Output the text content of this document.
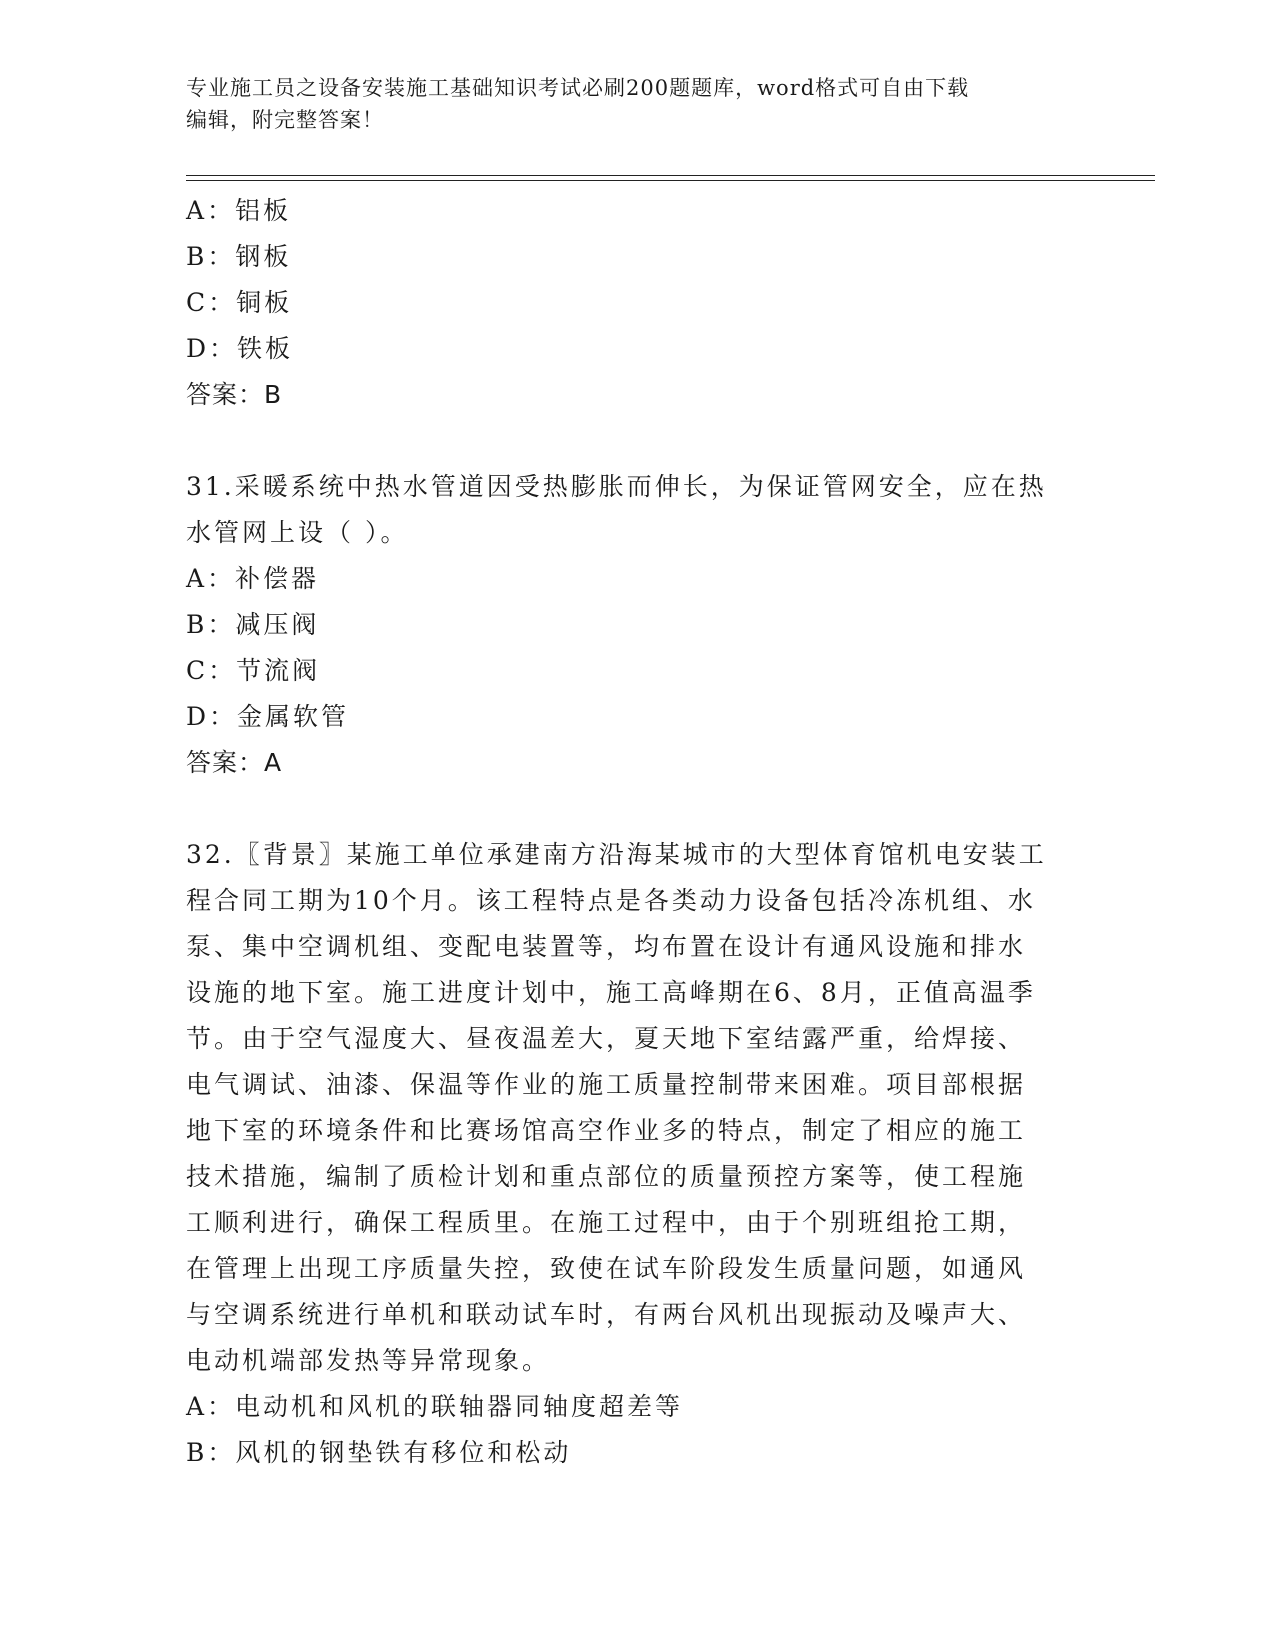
专业施工员之设备安装施工基础知识考试必刷200题题库，word格式可自由下载
编辑，附完整答案！
A：铝板
B：钢板
C：铜板
D：铁板
答案：B
31.采暖系统中热水管道因受热膨胀而伸长，为保证管网安全，应在热
水管网上设（ ）。
A：补偿器
B：减压阀
C：节流阀
D：金属软管
答案：A
32.〖背景〗某施工单位承建南方沿海某城市的大型体育馆机电安装工
程合同工期为10个月。该工程特点是各类动力设备包括冷冻机组、水
泵、集中空调机组、变配电装置等，均布置在设计有通风设施和排水
设施的地下室。施工进度计划中，施工高峰期在6、8月，正值高温季
节。由于空气湿度大、昼夜温差大，夏天地下室结露严重，给焊接、
电气调试、油漆、保温等作业的施工质量控制带来困难。项目部根据
地下室的环境条件和比赛场馆高空作业多的特点，制定了相应的施工
技术措施，编制了质检计划和重点部位的质量预控方案等，使工程施
工顺利进行，确保工程质里。在施工过程中，由于个别班组抢工期，
在管理上出现工序质量失控，致使在试车阶段发生质量问题，如通风
与空调系统进行单机和联动试车时，有两台风机出现振动及噪声大、
电动机端部发热等异常现象。
A：电动机和风机的联轴器同轴度超差等
B：风机的钢垫铁有移位和松动
